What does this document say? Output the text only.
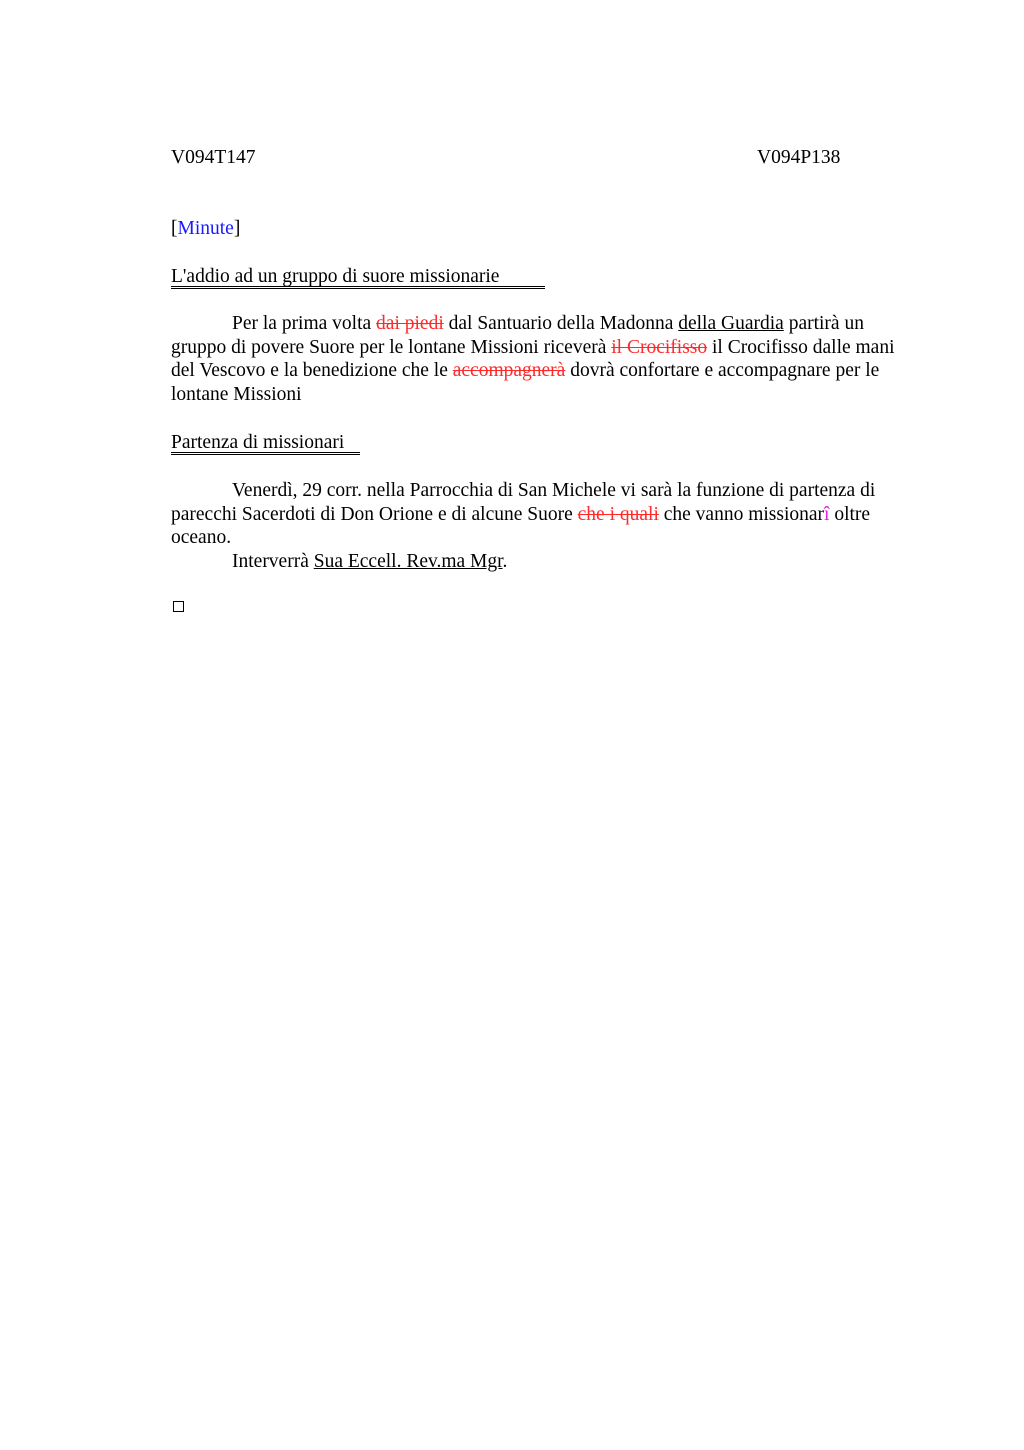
V094T147	V094P138
[Minute]
L'addio ad un gruppo di suore missionarie

Per la prima volta dai piedi dal Santuario della Madonna della Guardia partirà un gruppo di povere Suore per le lontane Missioni riceverà il Crocifisso il Crocifisso dalle mani del Vescovo e la benedizione che le accompagnerà dovrà confortare e accompagnare per le lontane Missioni

Partenza di missionari

Venerdì, 29 corr. nella Parrocchia di San Michele vi sarà la funzione di partenza di parecchi Sacerdoti di Don Orione e di alcune Suore che i quali che vanno missionarî oltre oceano.

Interverrà Sua Eccell. Rev.ma Mgr.
